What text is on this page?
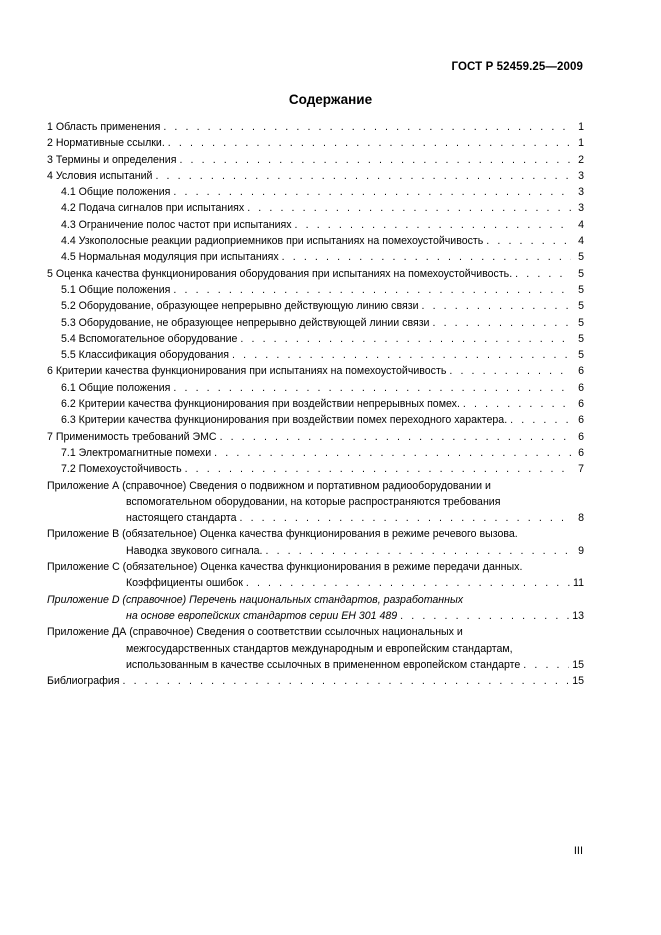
ГОСТ Р 52459.25—2009
Содержание
1 Область применения . . .	1
2 Нормативные ссылки. . . .	1
3 Термины и определения . . .	2
4 Условия испытаний . . .	3
4.1 Общие положения . . .	3
4.2 Подача сигналов при испытаниях . . .	3
4.3 Ограничение полос частот при испытаниях . . .	4
4.4 Узкополосные реакции радиоприемников при испытаниях на помехоустойчивость . . .	4
4.5 Нормальная модуляция при испытаниях . . .	5
5 Оценка качества функционирования оборудования при испытаниях на помехоустойчивость. . . .	5
5.1 Общие положения . . .	5
5.2 Оборудование, образующее непрерывно действующую линию связи . . .	5
5.3 Оборудование, не образующее непрерывно действующей линии связи . . .	5
5.4 Вспомогательное оборудование . . .	5
5.5 Классификация оборудования . . .	5
6 Критерии качества функционирования при испытаниях на помехоустойчивость . . .	6
6.1 Общие положения . . .	6
6.2 Критерии качества функционирования при воздействии непрерывных помех. . . .	6
6.3 Критерии качества функционирования при воздействии помех переходного характера. . . .	6
7 Применимость требований ЭМС . . .	6
7.1 Электромагнитные помехи . . .	6
7.2 Помехоустойчивость . . .	7
Приложение А (справочное)
Сведения о подвижном и портативном радиооборудовании и
вспомогательном оборудовании, на которые распространяются требования
настоящего стандарта . . .	8
Приложение В (обязательное)
Оценка качества функционирования в режиме речевого вызова.
Наводка звукового сигнала. . . .	9
Приложение С (обязательное)
Оценка качества функционирования в режиме передачи данных.
Коэффициенты ошибок . . .	11
Приложение D (справочное)
Перечень национальных стандартов, разработанных
на основе европейских стандартов серии ЕН 301 489 . . .	13
Приложение ДА (справочное)
Сведения о соответствии ссылочных национальных и
межгосударственных стандартов международным и европейским стандартам,
использованным в качестве ссылочных в примененном европейском стандарте . . .	15
Библиография . . .	15
III
